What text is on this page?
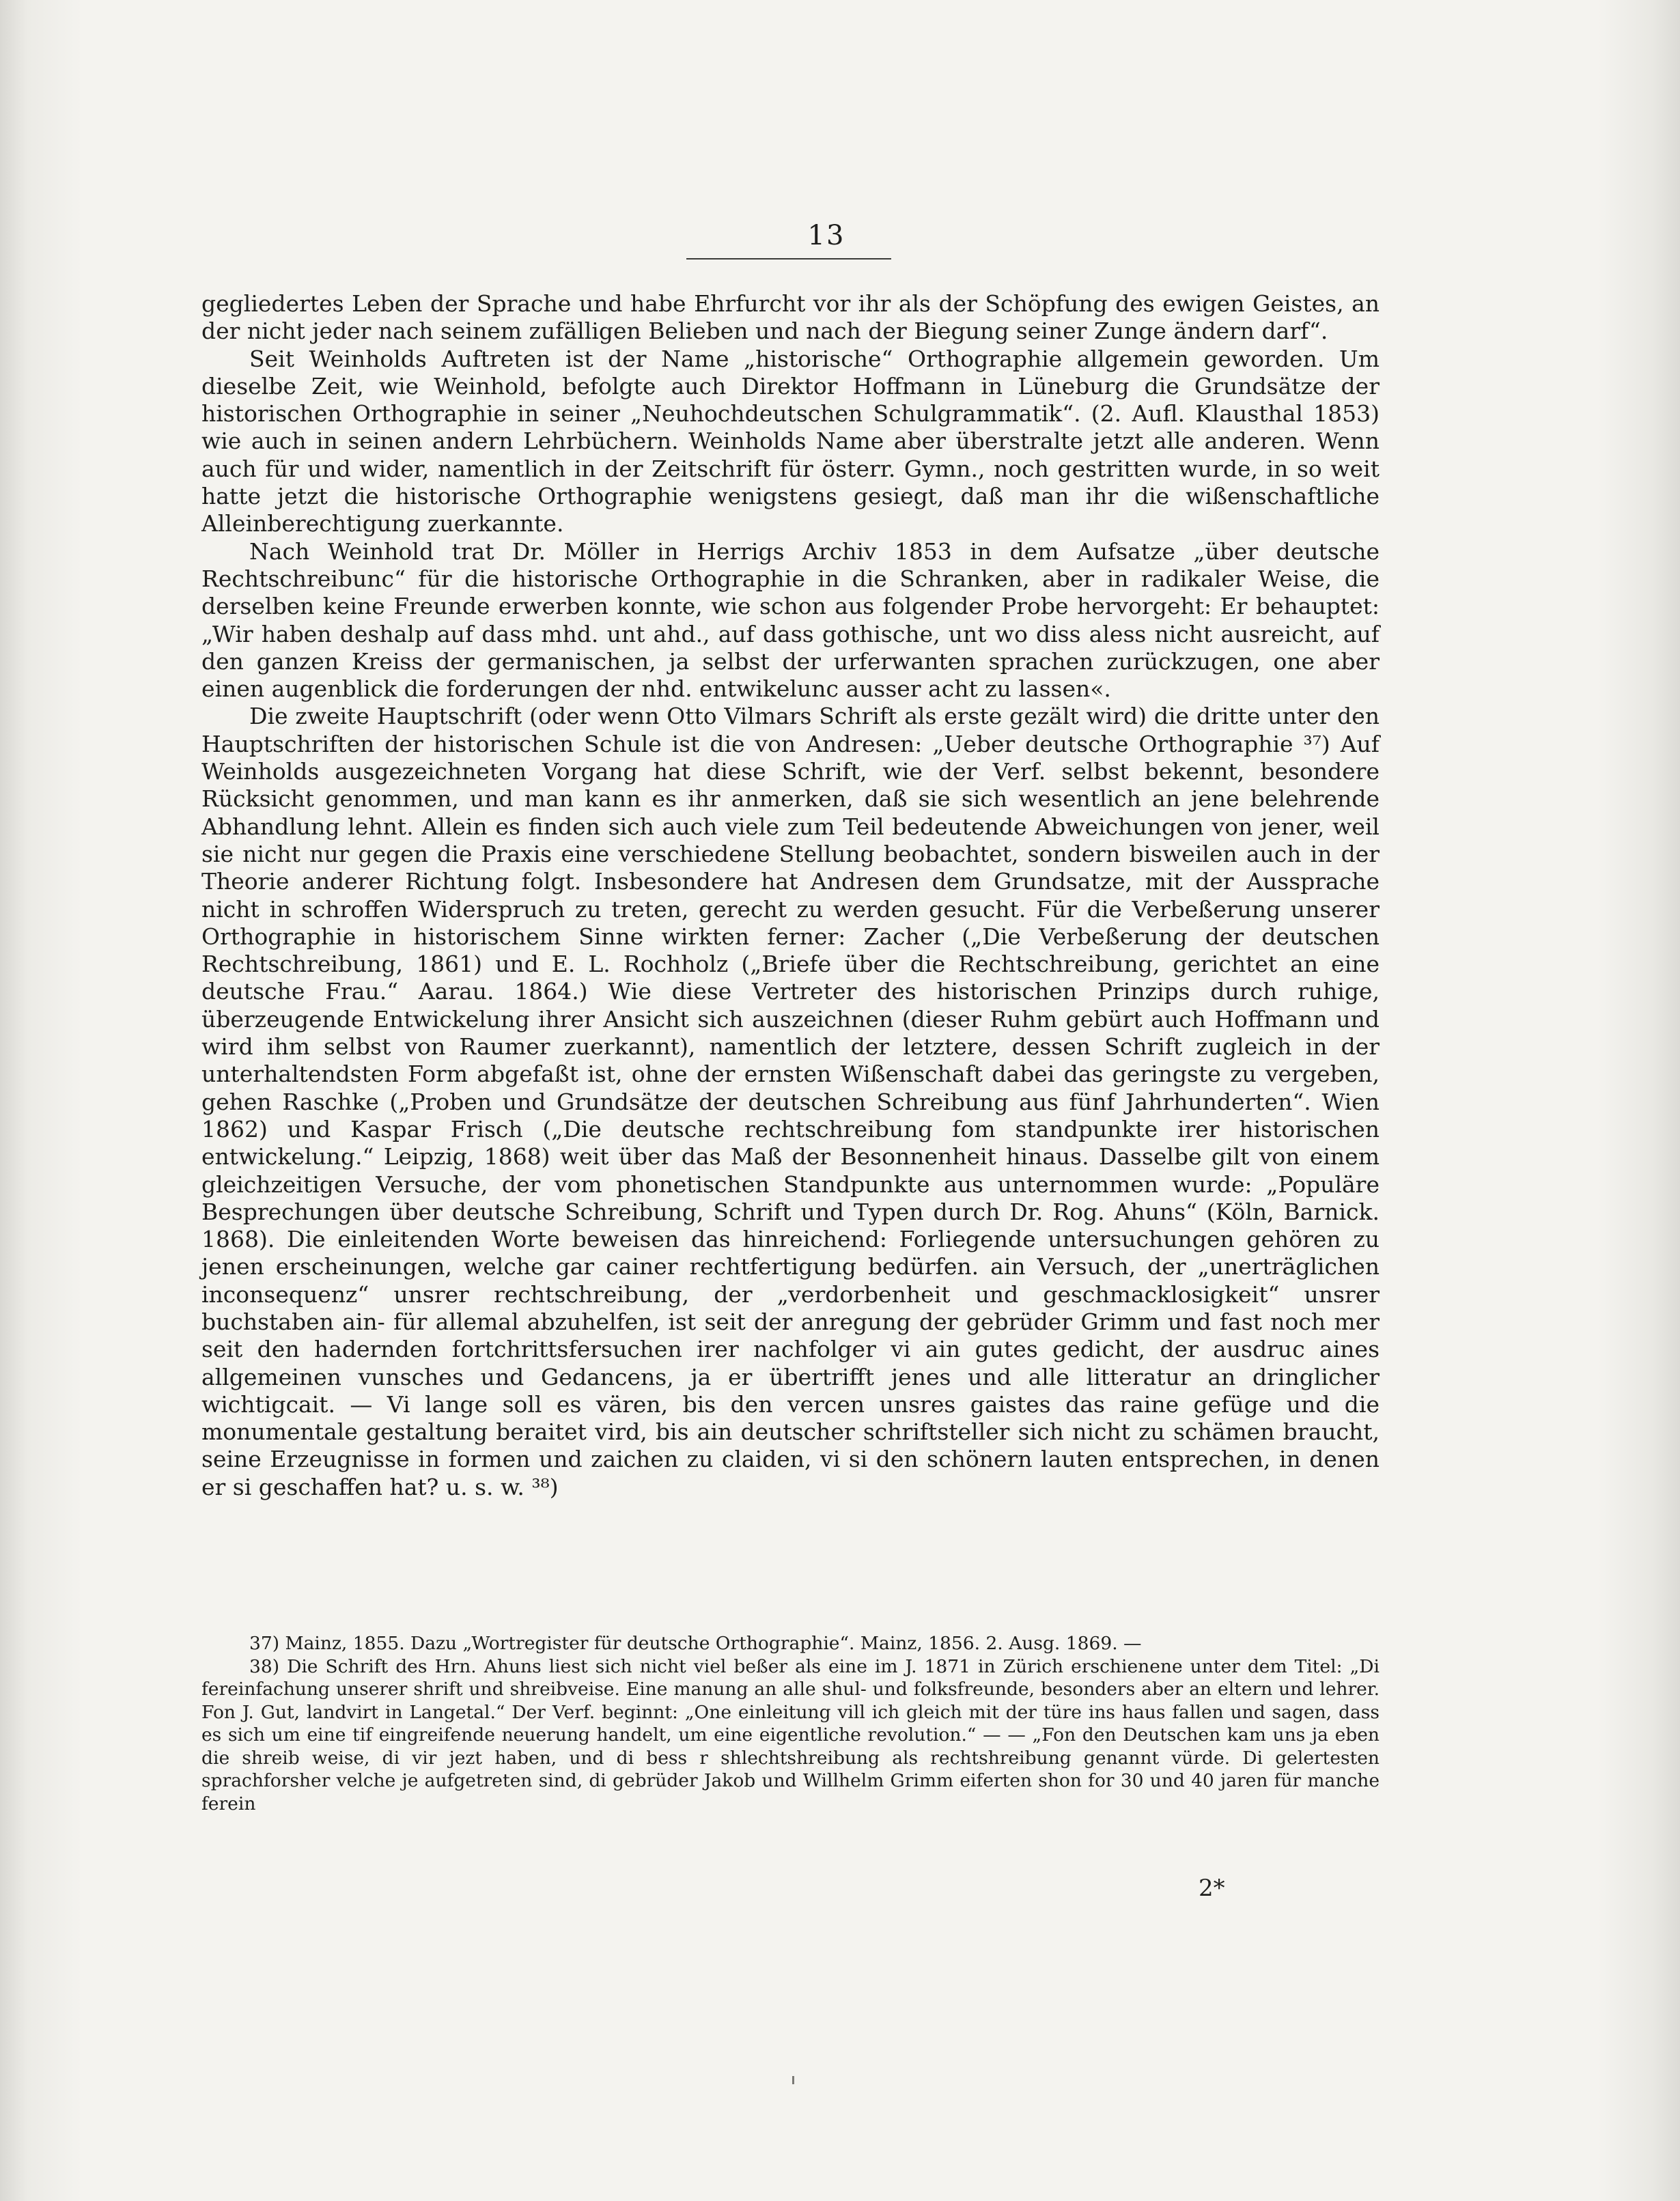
13

gegliedertes Leben der Sprache und habe Ehrfurcht vor ihr als der Schöpfung des ewigen Geistes, an der nicht jeder nach seinem zufälligen Belieben und nach der Biegung seiner Zunge ändern darf“.

Seit Weinholds Auftreten ist der Name „historische“ Orthographie allgemein geworden. Um dieselbe Zeit, wie Weinhold, befolgte auch Direktor Hoffmann in Lüneburg die Grundsätze der historischen Orthographie in seiner „Neuhochdeutschen Schulgrammatik“. (2. Aufl. Klausthal 1853) wie auch in seinen andern Lehrbüchern. Weinholds Name aber überstralte jetzt alle anderen. Wenn auch für und wider, namentlich in der Zeitschrift für österr. Gymn., noch gestritten wurde, in so weit hatte jetzt die historische Orthographie wenigstens gesiegt, daß man ihr die wißenschaftliche Alleinberechtigung zuerkannte.

Nach Weinhold trat Dr. Möller in Herrigs Archiv 1853 in dem Aufsatze „über deutsche Rechtschreibunc“ für die historische Orthographie in die Schranken, aber in radikaler Weise, die derselben keine Freunde erwerben konnte, wie schon aus folgender Probe hervorgeht: Er behauptet: „Wir haben deshalp auf dass mhd. unt ahd., auf dass gothische, unt wo diss aless nicht ausreicht, auf den ganzen Kreiss der germanischen, ja selbst der urferwanten sprachen zurückzugen, one aber einen augenblick die forderungen der nhd. entwikelunc ausser acht zu lassen«.

Die zweite Hauptschrift (oder wenn Otto Vilmars Schrift als erste gezält wird) die dritte unter den Hauptschriften der historischen Schule ist die von Andresen: „Ueber deutsche Orthographie ³⁷) Auf Weinholds ausgezeichneten Vorgang hat diese Schrift, wie der Verf. selbst bekennt, besondere Rücksicht genommen, und man kann es ihr anmerken, daß sie sich wesentlich an jene belehrende Abhandlung lehnt. Allein es finden sich auch viele zum Teil bedeutende Abweichungen von jener, weil sie nicht nur gegen die Praxis eine verschiedene Stellung beobachtet, sondern bisweilen auch in der Theorie anderer Richtung folgt. Insbesondere hat Andresen dem Grundsatze, mit der Aussprache nicht in schroffen Widerspruch zu treten, gerecht zu werden gesucht. Für die Verbeßerung unserer Orthographie in historischem Sinne wirkten ferner: Zacher („Die Verbeßerung der deutschen Rechtschreibung, 1861) und E. L. Rochholz („Briefe über die Rechtschreibung, gerichtet an eine deutsche Frau.“ Aarau. 1864.) Wie diese Vertreter des historischen Prinzips durch ruhige, überzeugende Entwickelung ihrer Ansicht sich auszeichnen (dieser Ruhm gebürt auch Hoffmann und wird ihm selbst von Raumer zuerkannt), namentlich der letztere, dessen Schrift zugleich in der unterhaltendsten Form abgefaßt ist, ohne der ernsten Wißenschaft dabei das geringste zu vergeben, gehen Raschke („Proben und Grundsätze der deutschen Schreibung aus fünf Jahrhunderten“. Wien 1862) und Kaspar Frisch („Die deutsche rechtschreibung fom standpunkte irer historischen entwickelung.“ Leipzig, 1868) weit über das Maß der Besonnenheit hinaus. Dasselbe gilt von einem gleichzeitigen Versuche, der vom phonetischen Standpunkte aus unternommen wurde: „Populäre Besprechungen über deutsche Schreibung, Schrift und Typen durch Dr. Rog. Ahuns“ (Köln, Barnick. 1868). Die einleitenden Worte beweisen das hinreichend: Forliegende untersuchungen gehören zu jenen erscheinungen, welche gar cainer rechtfertigung bedürfen. ain Versuch, der „unerträglichen inconsequenz“ unsrer rechtschreibung, der „verdorbenheit und geschmacklosigkeit“ unsrer buchstaben ain- für allemal abzuhelfen, ist seit der anregung der gebrüder Grimm und fast noch mer seit den hadernden fortchrittsfersuchen irer nachfolger vi ain gutes gedicht, der ausdruc aines allgemeinen vunsches und Gedancens, ja er übertrifft jenes und alle litteratur an dringlicher wichtigcait. — Vi lange soll es vären, bis den vercen unsres gaistes das raine gefüge und die monumentale gestaltung beraitet vird, bis ain deutscher schriftsteller sich nicht zu schämen braucht, seine Erzeugnisse in formen und zaichen zu claiden, vi si den schönern lauten entsprechen, in denen er si geschaffen hat? u. s. w. ³⁸)

37) Mainz, 1855. Dazu „Wortregister für deutsche Orthographie“. Mainz, 1856. 2. Ausg. 1869. —

38) Die Schrift des Hrn. Ahuns liest sich nicht viel beßer als eine im J. 1871 in Zürich erschienene unter dem Titel: „Di fereinfachung unserer shrift und shreibveise. Eine manung an alle shul- und folksfreunde, besonders aber an eltern und lehrer. Fon J. Gut, landvirt in Langetal.“ Der Verf. beginnt: „One einleitung vill ich gleich mit der türe ins haus fallen und sagen, dass es sich um eine tif eingreifende neuerung handelt, um eine eigentliche revolution.“ — — „Fon den Deutschen kam uns ja eben die shreib weise, di vir jezt haben, und di bess r shlechtshreibung als rechtshreibung genannt vürde. Di gelertesten sprachforsher velche je aufgetreten sind, di gebrüder Jakob und Willhelm Grimm eiferten shon for 30 und 40 jaren für manche ferein

2*
